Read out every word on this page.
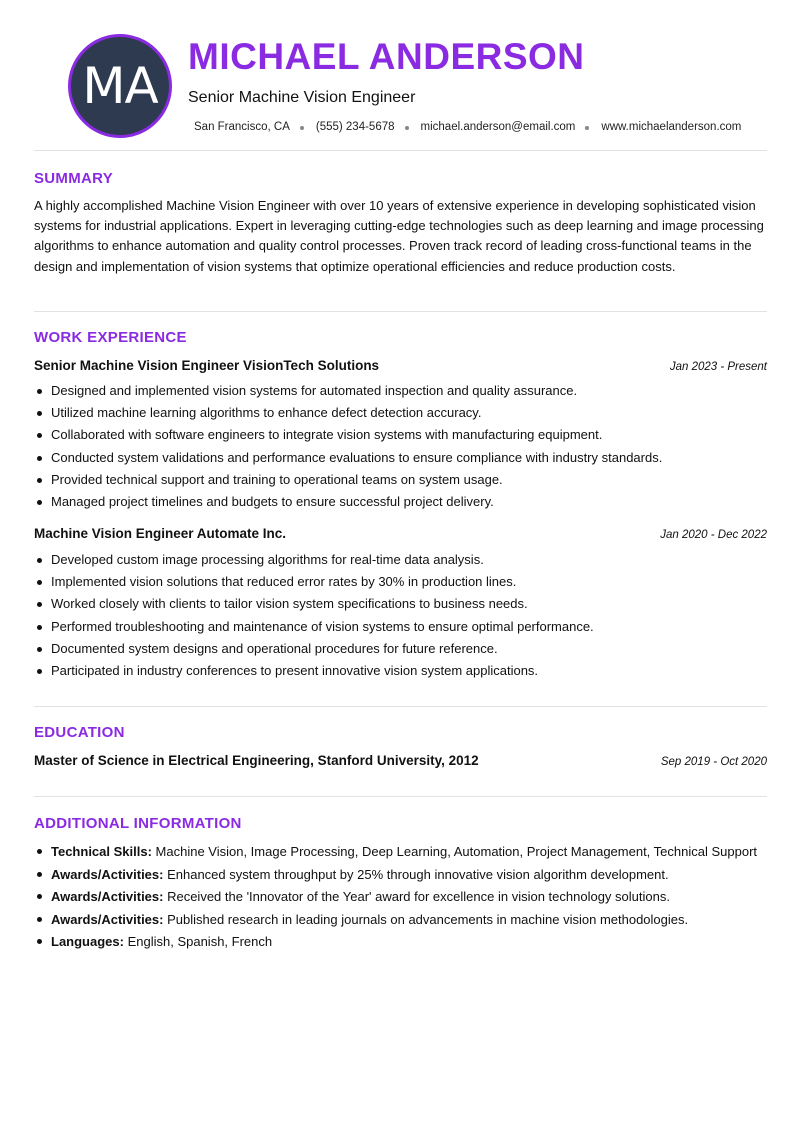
MA
MICHAEL ANDERSON
Senior Machine Vision Engineer
San Francisco, CA (555) 234-5678 michael.anderson@email.com www.michaelanderson.com
SUMMARY
A highly accomplished Machine Vision Engineer with over 10 years of extensive experience in developing sophisticated vision systems for industrial applications. Expert in leveraging cutting-edge technologies such as deep learning and image processing algorithms to enhance automation and quality control processes. Proven track record of leading cross-functional teams in the design and implementation of vision systems that optimize operational efficiencies and reduce production costs.
WORK EXPERIENCE
Senior Machine Vision Engineer VisionTech Solutions	Jan 2023 - Present
Designed and implemented vision systems for automated inspection and quality assurance.
Utilized machine learning algorithms to enhance defect detection accuracy.
Collaborated with software engineers to integrate vision systems with manufacturing equipment.
Conducted system validations and performance evaluations to ensure compliance with industry standards.
Provided technical support and training to operational teams on system usage.
Managed project timelines and budgets to ensure successful project delivery.
Machine Vision Engineer Automate Inc.	Jan 2020 - Dec 2022
Developed custom image processing algorithms for real-time data analysis.
Implemented vision solutions that reduced error rates by 30% in production lines.
Worked closely with clients to tailor vision system specifications to business needs.
Performed troubleshooting and maintenance of vision systems to ensure optimal performance.
Documented system designs and operational procedures for future reference.
Participated in industry conferences to present innovative vision system applications.
EDUCATION
Master of Science in Electrical Engineering, Stanford University, 2012	Sep 2019 - Oct 2020
ADDITIONAL INFORMATION
Technical Skills: Machine Vision, Image Processing, Deep Learning, Automation, Project Management, Technical Support
Awards/Activities: Enhanced system throughput by 25% through innovative vision algorithm development.
Awards/Activities: Received the 'Innovator of the Year' award for excellence in vision technology solutions.
Awards/Activities: Published research in leading journals on advancements in machine vision methodologies.
Languages: English, Spanish, French
